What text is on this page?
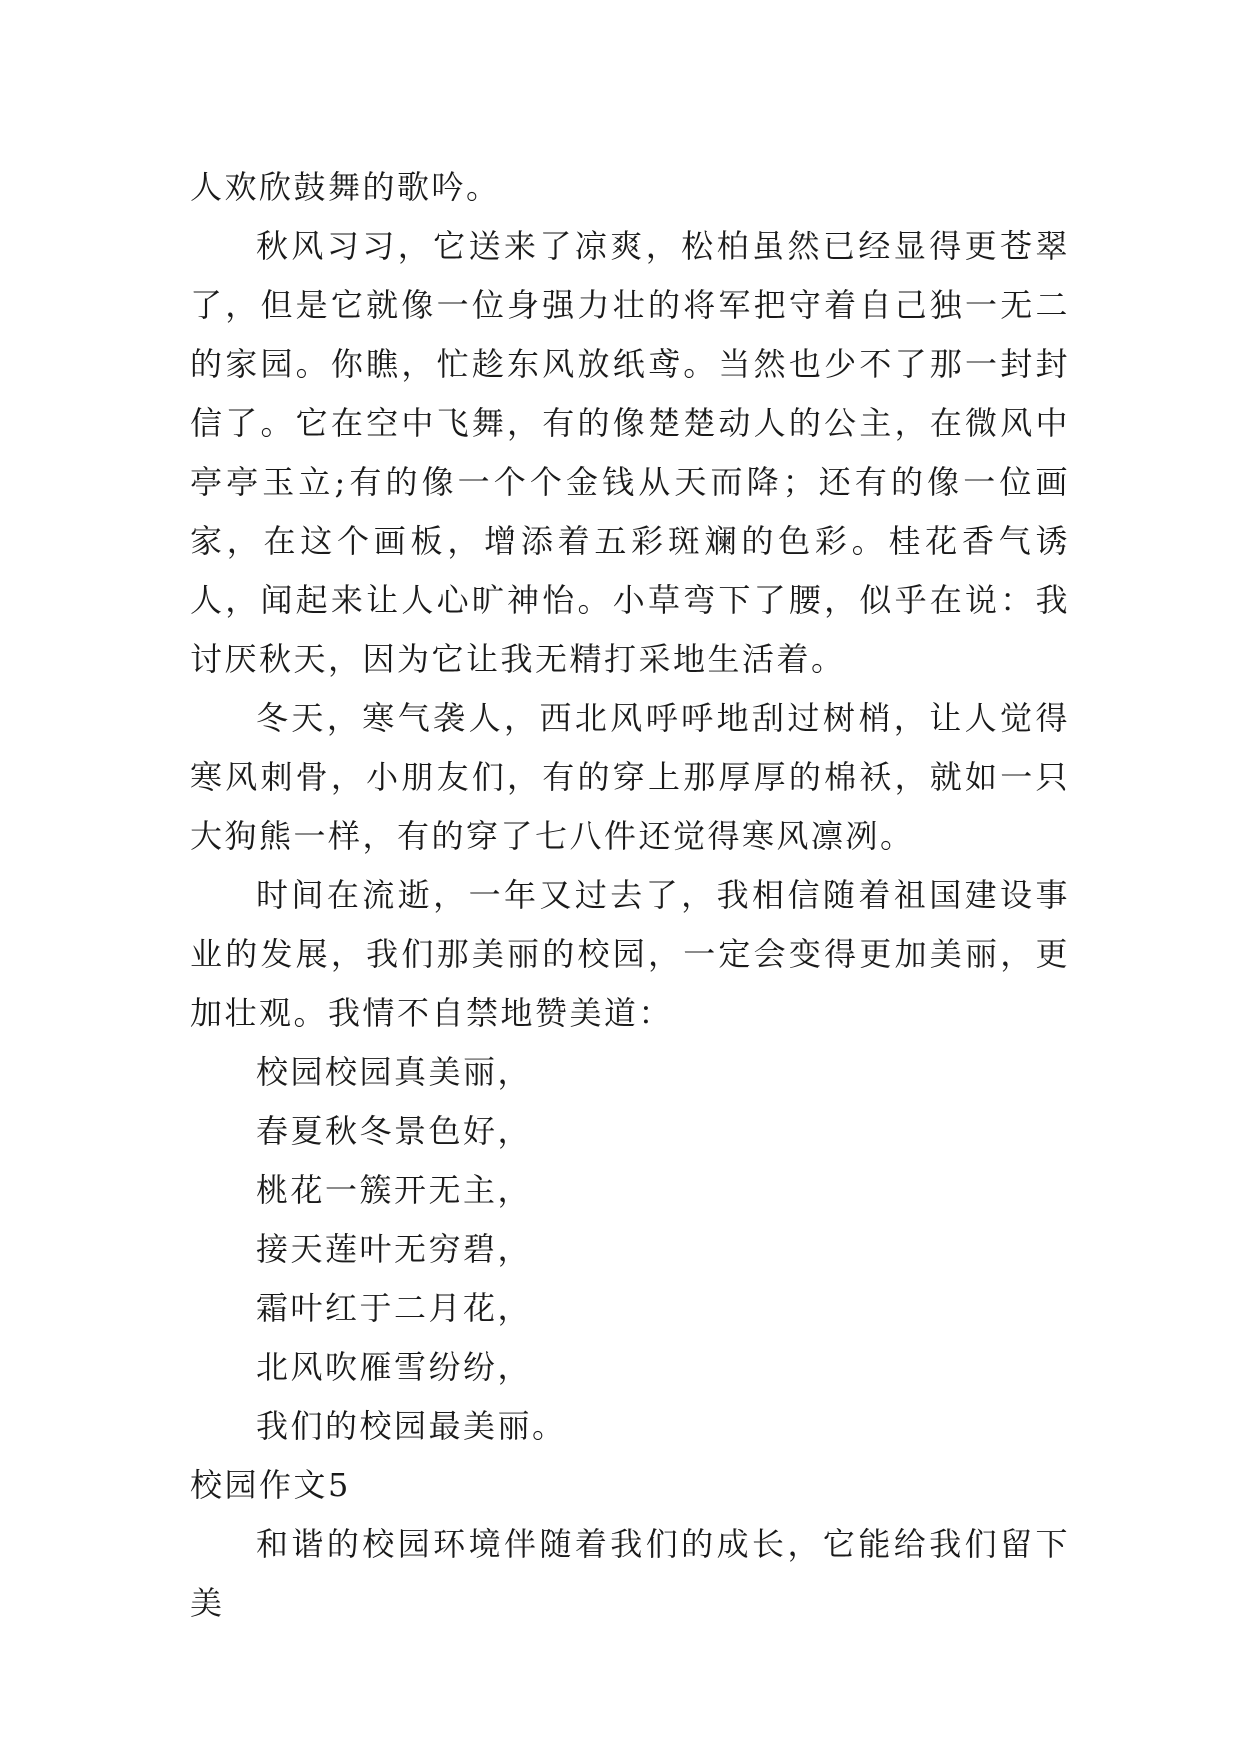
人欢欣鼓舞的歌吟。

秋风习习，它送来了凉爽，松柏虽然已经显得更苍翠了，但是它就像一位身强力壮的将军把守着自己独一无二的家园。你瞧，忙趁东风放纸鸢。当然也少不了那一封封信了。它在空中飞舞，有的像楚楚动人的公主，在微风中亭亭玉立;有的像一个个金钱从天而降；还有的像一位画家，在这个画板，增添着五彩斑斓的色彩。桂花香气诱人，闻起来让人心旷神怡。小草弯下了腰，似乎在说：我讨厌秋天，因为它让我无精打采地生活着。

冬天，寒气袭人，西北风呼呼地刮过树梢，让人觉得寒风刺骨，小朋友们，有的穿上那厚厚的棉袄，就如一只大狗熊一样，有的穿了七八件还觉得寒风凛冽。

时间在流逝，一年又过去了，我相信随着祖国建设事业的发展，我们那美丽的校园，一定会变得更加美丽，更加壮观。我情不自禁地赞美道：

校园校园真美丽，

春夏秋冬景色好，

桃花一簇开无主，

接天莲叶无穷碧，

霜叶红于二月花，

北风吹雁雪纷纷，

我们的校园最美丽。

校园作文5

和谐的校园环境伴随着我们的成长，它能给我们留下美
